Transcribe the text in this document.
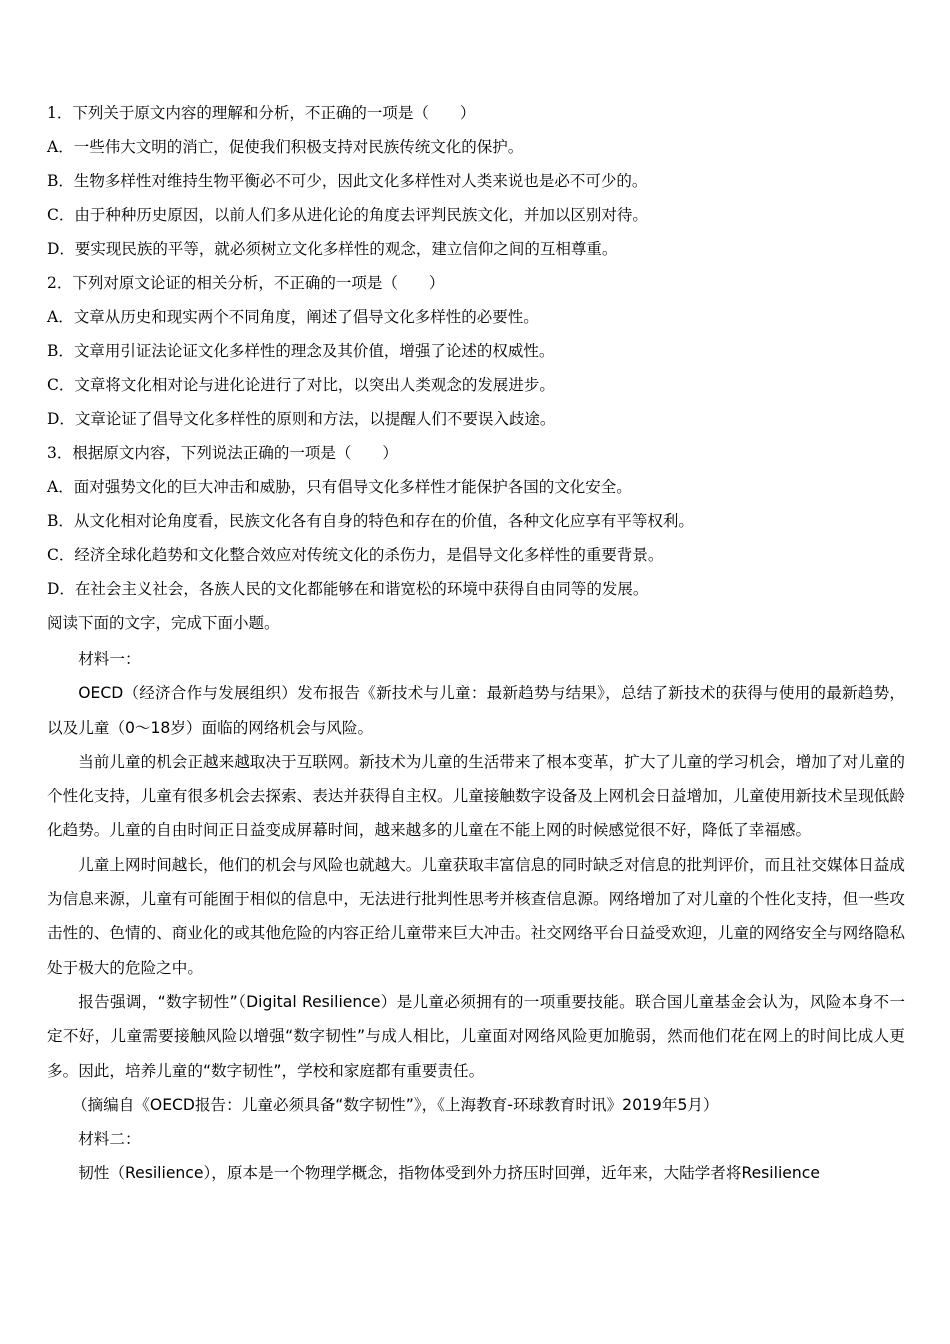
1．下列关于原文内容的理解和分析，不正确的一项是（　　）

A．一些伟大文明的消亡，促使我们积极支持对民族传统文化的保护。

B．生物多样性对维持生物平衡必不可少，因此文化多样性对人类来说也是必不可少的。

C．由于种种历史原因，以前人们多从进化论的角度去评判民族文化，并加以区别对待。

D．要实现民族的平等，就必须树立文化多样性的观念，建立信仰之间的互相尊重。

2．下列对原文论证的相关分析，不正确的一项是（　　）

A．文章从历史和现实两个不同角度，阐述了倡导文化多样性的必要性。

B．文章用引证法论证文化多样性的理念及其价值，增强了论述的权威性。

C．文章将文化相对论与进化论进行了对比，以突出人类观念的发展进步。

D．文章论证了倡导文化多样性的原则和方法，以提醒人们不要误入歧途。

3．根据原文内容，下列说法正确的一项是（　　）

A．面对强势文化的巨大冲击和威胁，只有倡导文化多样性才能保护各国的文化安全。

B．从文化相对论角度看，民族文化各有自身的特色和存在的价值，各种文化应享有平等权利。

C．经济全球化趋势和文化整合效应对传统文化的杀伤力，是倡导文化多样性的重要背景。

D．在社会主义社会，各族人民的文化都能够在和谐宽松的环境中获得自由同等的发展。

阅读下面的文字，完成下面小题。

材料一：

OECD（经济合作与发展组织）发布报告《新技术与儿童：最新趋势与结果》，总结了新技术的获得与使用的最新趋势，以及儿童（0～18岁）面临的网络机会与风险。

当前儿童的机会正越来越取决于互联网。新技术为儿童的生活带来了根本变革，扩大了儿童的学习机会，增加了对儿童的个性化支持，儿童有很多机会去探索、表达并获得自主权。儿童接触数字设备及上网机会日益增加，儿童使用新技术呈现低龄化趋势。儿童的自由时间正日益变成屏幕时间，越来越多的儿童在不能上网的时候感觉很不好，降低了幸福感。

儿童上网时间越长，他们的机会与风险也就越大。儿童获取丰富信息的同时缺乏对信息的批判评价，而且社交媒体日益成为信息来源，儿童有可能囿于相似的信息中，无法进行批判性思考并核查信息源。网络增加了对儿童的个性化支持，但一些攻击性的、色情的、商业化的或其他危险的内容正给儿童带来巨大冲击。社交网络平台日益受欢迎，儿童的网络安全与网络隐私处于极大的危险之中。

报告强调，“数字韧性”（Digital Resilience）是儿童必须拥有的一项重要技能。联合国儿童基金会认为，风险本身不一定不好，儿童需要接触风险以增强“数字韧性”与成人相比，儿童面对网络风险更加脆弱，然而他们花在网上的时间比成人更多。因此，培养儿童的“数字韧性”，学校和家庭都有重要责任。

（摘编自《OECD报告：儿童必须具备“数字韧性”》，《上海教育-环球教育时讯》2019年5月）

材料二：

韧性（Resilience），原本是一个物理学概念，指物体受到外力挤压时回弹，近年来，大陆学者将Resilience
